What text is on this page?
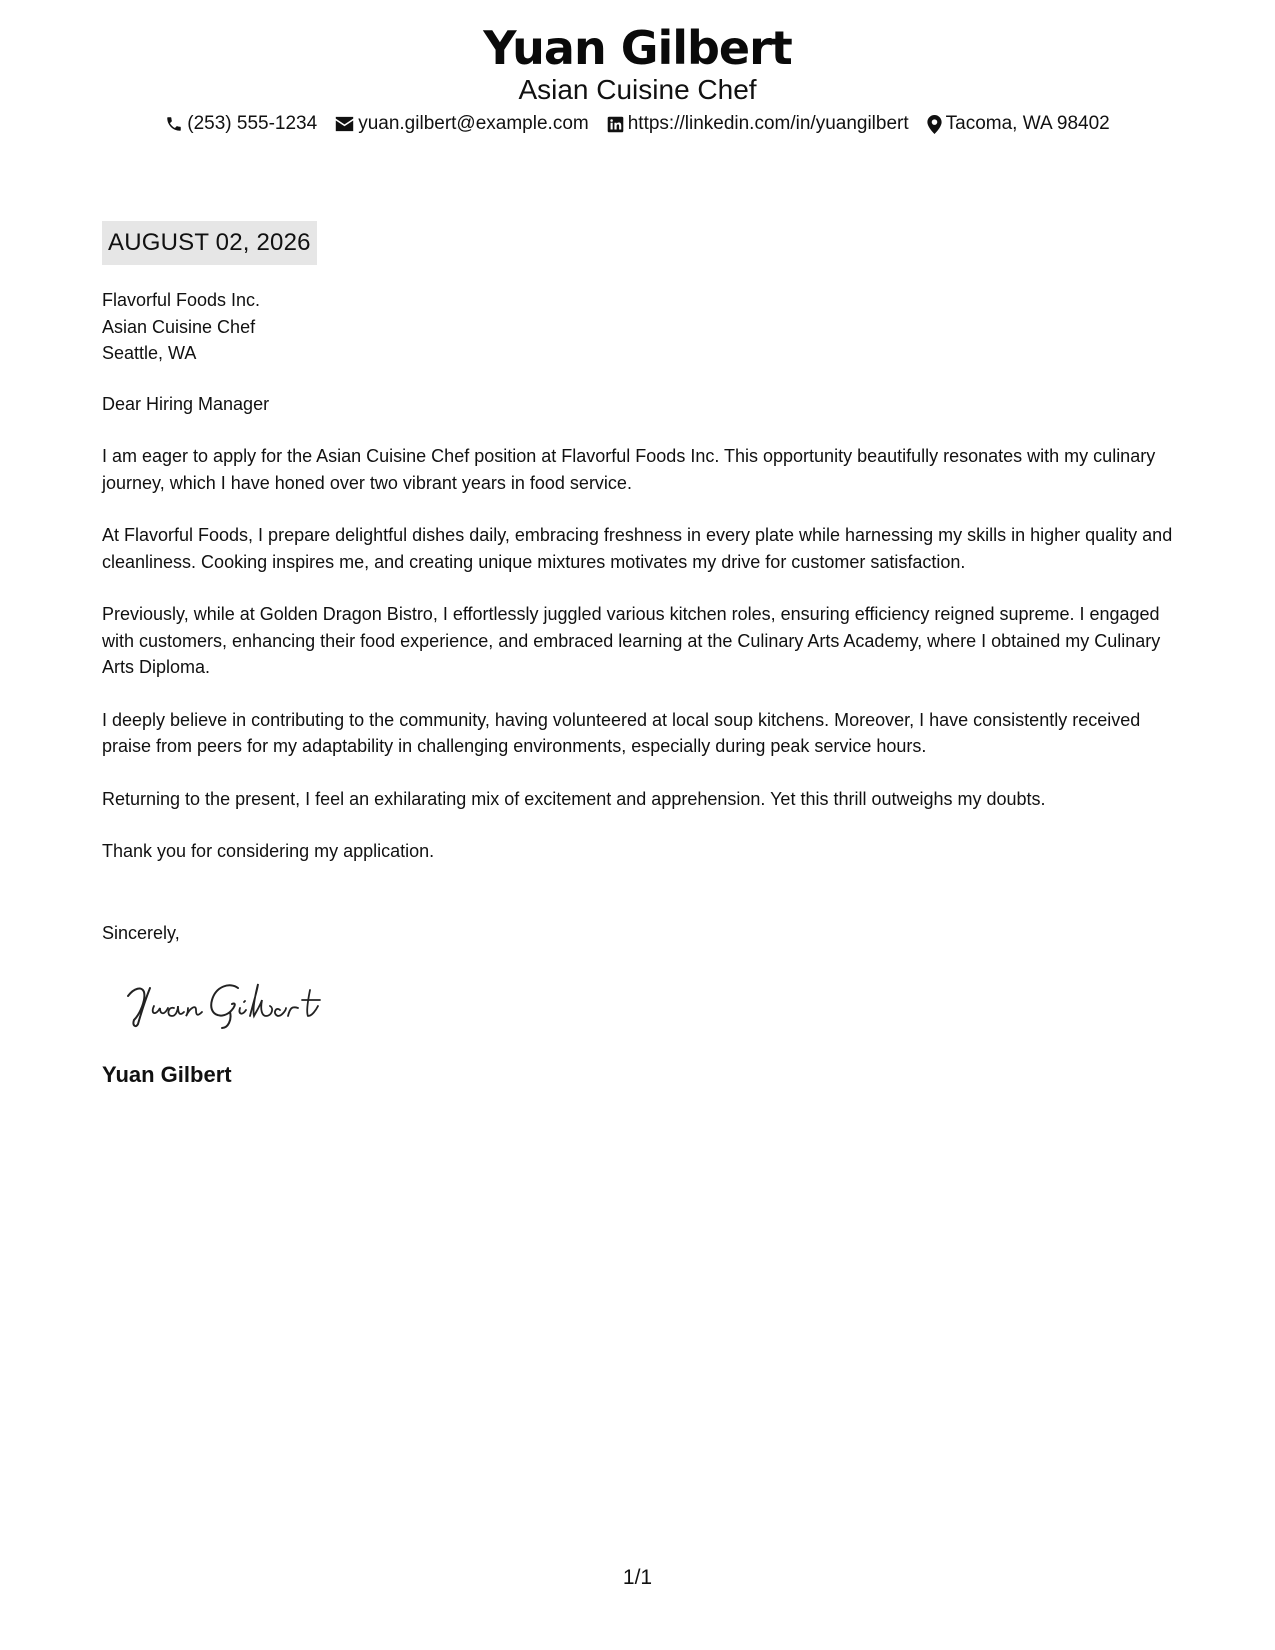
Yuan Gilbert
Asian Cuisine Chef
(253) 555-1234 yuan.gilbert@example.com https://linkedin.com/in/yuangilbert Tacoma, WA 98402
AUGUST 02, 2026
Flavorful Foods Inc.
Asian Cuisine Chef
Seattle, WA
Dear Hiring Manager
I am eager to apply for the Asian Cuisine Chef position at Flavorful Foods Inc. This opportunity beautifully resonates with my culinary journey, which I have honed over two vibrant years in food service.
At Flavorful Foods, I prepare delightful dishes daily, embracing freshness in every plate while harnessing my skills in higher quality and cleanliness. Cooking inspires me, and creating unique mixtures motivates my drive for customer satisfaction.
Previously, while at Golden Dragon Bistro, I effortlessly juggled various kitchen roles, ensuring efficiency reigned supreme. I engaged with customers, enhancing their food experience, and embraced learning at the Culinary Arts Academy, where I obtained my Culinary Arts Diploma.
I deeply believe in contributing to the community, having volunteered at local soup kitchens. Moreover, I have consistently received praise from peers for my adaptability in challenging environments, especially during peak service hours.
Returning to the present, I feel an exhilarating mix of excitement and apprehension. Yet this thrill outweighs my doubts.
Thank you for considering my application.
Sincerely,
Yuan Gilbert
1/1
